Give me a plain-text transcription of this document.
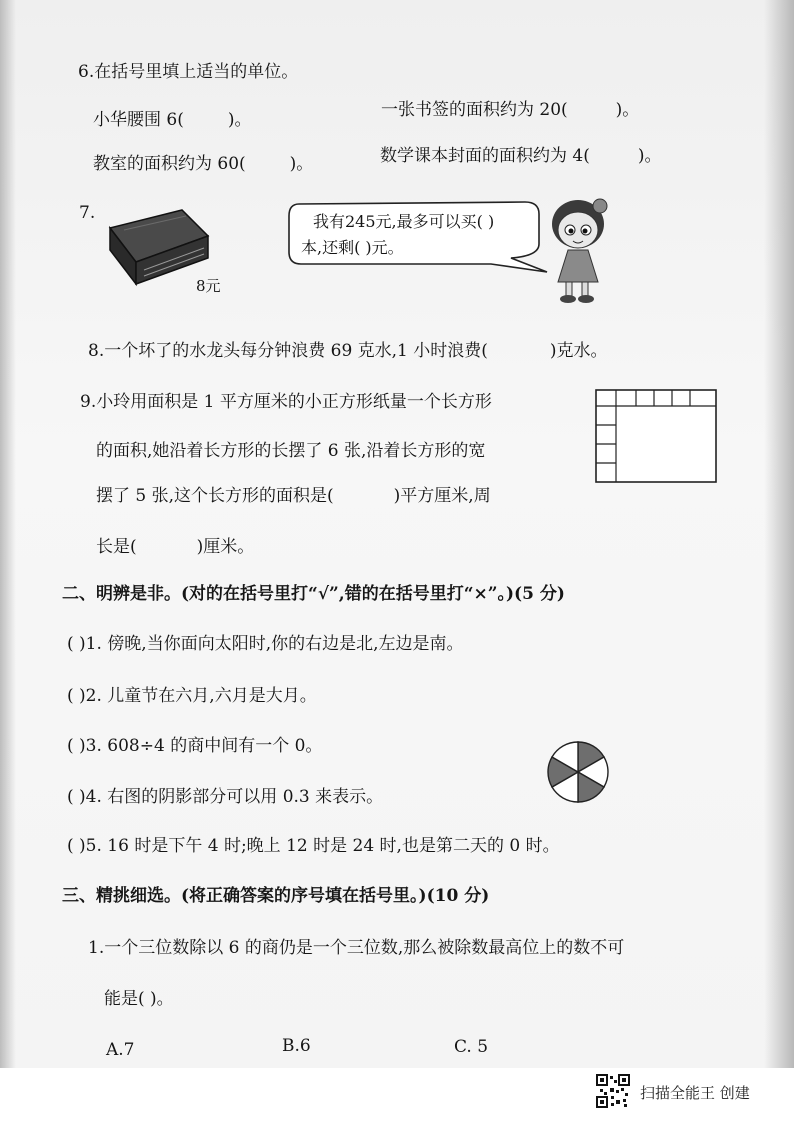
6.在括号里填上适当的单位。
小华腰围 6(	)。	一张书签的面积约为 20(	)。
教室的面积约为 60(	)。	数学课本封面的面积约为 4(	)。
7.
8元
我有245元,最多可以买( )
本,还剩( )元。
8.一个坏了的水龙头每分钟浪费 69 克水,1 小时浪费(	)克水。
9.小玲用面积是 1 平方厘米的小正方形纸量一个长方形
的面积,她沿着长方形的长摆了 6 张,沿着长方形的宽
摆了 5 张,这个长方形的面积是(	)平方厘米,周
长是(	)厘米。
二、明辨是非。(对的在括号里打“√”,错的在括号里打“×”。)(5 分)
( )1. 傍晚,当你面向太阳时,你的右边是北,左边是南。
( )2. 儿童节在六月,六月是大月。
( )3. 608÷4 的商中间有一个 0。
( )4. 右图的阴影部分可以用 0.3 来表示。
( )5. 16 时是下午 4 时;晚上 12 时是 24 时,也是第二天的 0 时。
三、精挑细选。(将正确答案的序号填在括号里。)(10 分)
1.一个三位数除以 6 的商仍是一个三位数,那么被除数最高位上的数不可
能是( )。
A.7	B.6	C. 5
扫描全能王 创建
